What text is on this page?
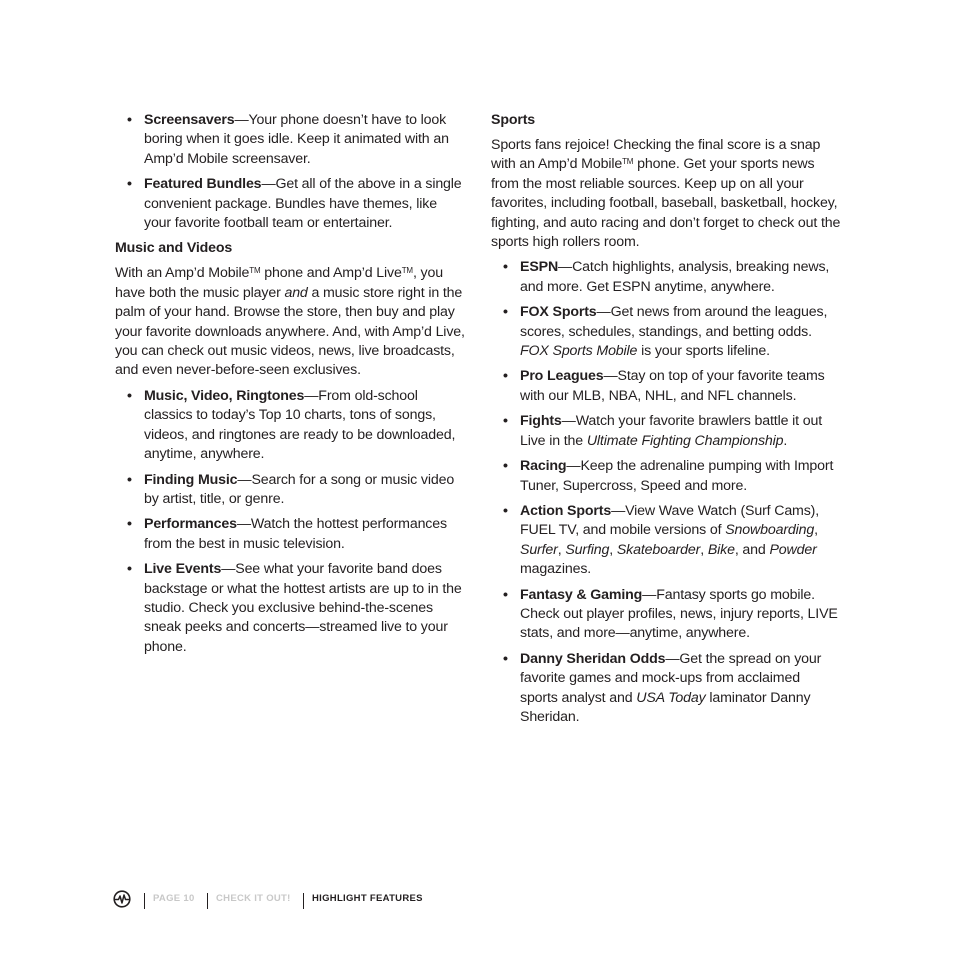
• Screensavers—Your phone doesn’t have to look boring when it goes idle. Keep it animated with an Amp’d Mobile screensaver.
• Featured Bundles—Get all of the above in a single convenient package. Bundles have themes, like your favorite football team or entertainer.
Music and Videos

With an Amp’d Mobile™ phone and Amp’d Live™, you have both the music player and a music store right in the palm of your hand. Browse the store, then buy and play your favorite downloads anywhere. And, with Amp’d Live, you can check out music videos, news, live broadcasts, and even never-before-seen exclusives.

• Music, Video, Ringtones—From old-school classics to today’s Top 10 charts, tons of songs, videos, and ringtones are ready to be downloaded, anytime, anywhere.
• Finding Music—Search for a song or music video by artist, title, or genre.
• Performances—Watch the hottest performances from the best in music television.
• Live Events—See what your favorite band does backstage or what the hottest artists are up to in the studio. Check you exclusive behind-the-scenes sneak peeks and concerts—streamed live to your phone.
Sports

Sports fans rejoice! Checking the final score is a snap with an Amp’d Mobile™ phone. Get your sports news from the most reliable sources. Keep up on all your favorites, including football, baseball, basketball, hockey, fighting, and auto racing and don’t forget to check out the sports high rollers room.

• ESPN—Catch highlights, analysis, breaking news, and more. Get ESPN anytime, anywhere.
• FOX Sports—Get news from around the leagues, scores, schedules, standings, and betting odds. FOX Sports Mobile is your sports lifeline.
• Pro Leagues—Stay on top of your favorite teams with our MLB, NBA, NHL, and NFL channels.
• Fights—Watch your favorite brawlers battle it out Live in the Ultimate Fighting Championship.
• Racing—Keep the adrenaline pumping with Import Tuner, Supercross, Speed and more.
• Action Sports—View Wave Watch (Surf Cams), FUEL TV, and mobile versions of Snowboarding, Surfer, Surfing, Skateboarder, Bike, and Powder magazines.
• Fantasy & Gaming—Fantasy sports go mobile. Check out player profiles, news, injury reports, LIVE stats, and more—anytime, anywhere.
• Danny Sheridan Odds—Get the spread on your favorite games and mock-ups from acclaimed sports analyst and USA Today laminator Danny Sheridan.
PAGE 10 CHECK IT OUT! HIGHLIGHT FEATURES
